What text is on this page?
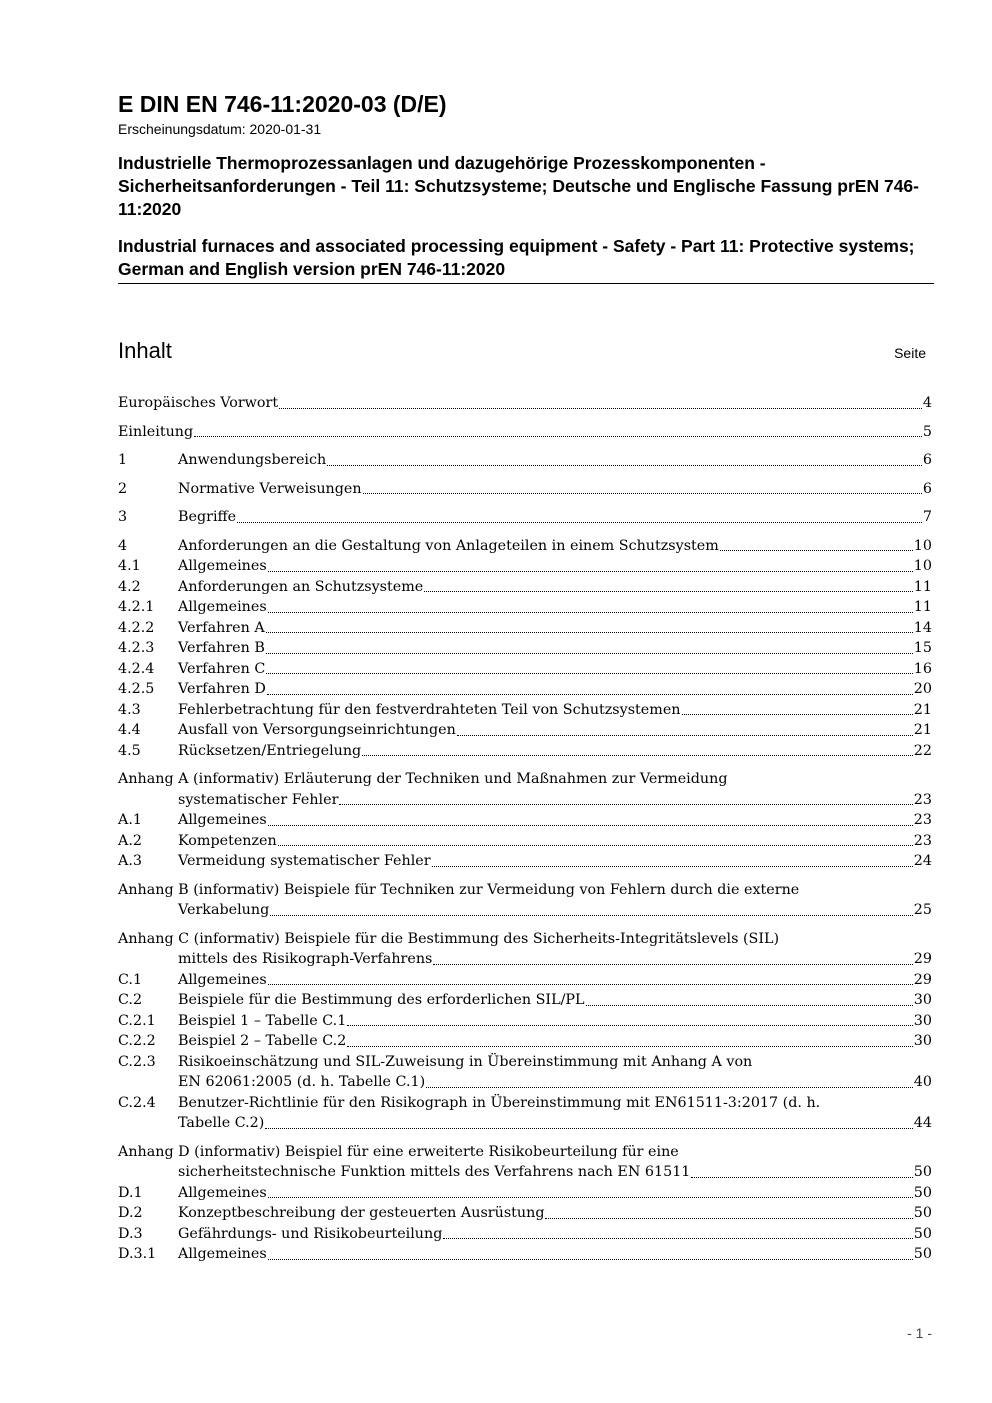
E DIN EN 746-11:2020-03 (D/E)
Erscheinungsdatum: 2020-01-31
Industrielle Thermoprozessanlagen und dazugehörige Prozesskomponenten - Sicherheitsanforderungen - Teil 11: Schutzsysteme; Deutsche und Englische Fassung prEN 746-11:2020
Industrial furnaces and associated processing equipment - Safety - Part 11: Protective systems; German and English version prEN 746-11:2020
Inhalt	Seite
Europäisches Vorwort	4
Einleitung	5
1	Anwendungsbereich	6
2	Normative Verweisungen	6
3	Begriffe	7
4	Anforderungen an die Gestaltung von Anlageteilen in einem Schutzsystem	10
4.1	Allgemeines	10
4.2	Anforderungen an Schutzsysteme	11
4.2.1	Allgemeines	11
4.2.2	Verfahren A	14
4.2.3	Verfahren B	15
4.2.4	Verfahren C	16
4.2.5	Verfahren D	20
4.3	Fehlerbetrachtung für den festverdrahteten Teil von Schutzsystemen	21
4.4	Ausfall von Versorgungseinrichtungen	21
4.5	Rücksetzen/Entriegelung	22
Anhang A (informativ) Erläuterung der Techniken und Maßnahmen zur Vermeidung
systematischer Fehler	23
A.1	Allgemeines	23
A.2	Kompetenzen	23
A.3	Vermeidung systematischer Fehler	24
Anhang B (informativ) Beispiele für Techniken zur Vermeidung von Fehlern durch die externe
Verkabelung	25
Anhang C (informativ) Beispiele für die Bestimmung des Sicherheits-Integritätslevels (SIL)
mittels des Risikograph-Verfahrens	29
C.1	Allgemeines	29
C.2	Beispiele für die Bestimmung des erforderlichen SIL/PL	30
C.2.1	Beispiel 1 – Tabelle C.1	30
C.2.2	Beispiel 2 – Tabelle C.2	30
C.2.3	Risikoeinschätzung und SIL-Zuweisung in Übereinstimmung mit Anhang A von
EN 62061:2005 (d. h. Tabelle C.1)	40
C.2.4	Benutzer-Richtlinie für den Risikograph in Übereinstimmung mit EN61511-3:2017 (d. h.
Tabelle C.2)	44
Anhang D (informativ) Beispiel für eine erweiterte Risikobeurteilung für eine
sicherheitstechnische Funktion mittels des Verfahrens nach EN 61511	50
D.1	Allgemeines	50
D.2	Konzeptbeschreibung der gesteuerten Ausrüstung	50
D.3	Gefährdungs- und Risikobeurteilung	50
D.3.1	Allgemeines	50
- 1 -
